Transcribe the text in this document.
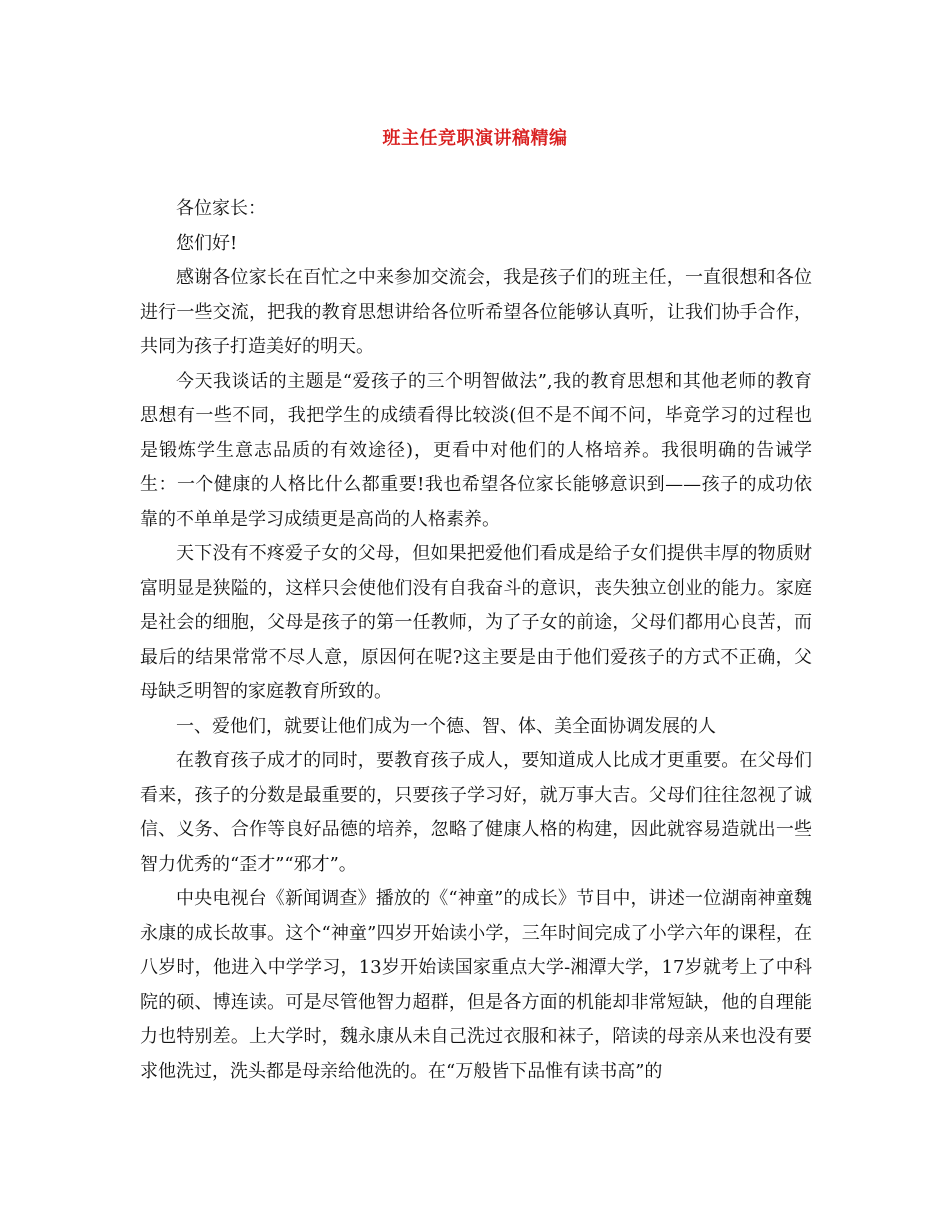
班主任竞职演讲稿精编

各位家长：

您们好!

感谢各位家长在百忙之中来参加交流会，我是孩子们的班主任，一直很想和各位进行一些交流，把我的教育思想讲给各位听希望各位能够认真听，让我们协手合作，共同为孩子打造美好的明天。

今天我谈话的主题是“爱孩子的三个明智做法”,我的教育思想和其他老师的教育思想有一些不同，我把学生的成绩看得比较淡(但不是不闻不问，毕竟学习的过程也是锻炼学生意志品质的有效途径)，更看中对他们的人格培养。我很明确的告诫学生：一个健康的人格比什么都重要!我也希望各位家长能够意识到——孩子的成功依靠的不单单是学习成绩更是高尚的人格素养。

天下没有不疼爱子女的父母，但如果把爱他们看成是给子女们提供丰厚的物质财富明显是狭隘的，这样只会使他们没有自我奋斗的意识，丧失独立创业的能力。家庭是社会的细胞，父母是孩子的第一任教师，为了子女的前途，父母们都用心良苦，而最后的结果常常不尽人意，原因何在呢?这主要是由于他们爱孩子的方式不正确，父母缺乏明智的家庭教育所致的。

一、爱他们，就要让他们成为一个德、智、体、美全面协调发展的人

在教育孩子成才的同时，要教育孩子成人，要知道成人比成才更重要。在父母们看来，孩子的分数是最重要的，只要孩子学习好，就万事大吉。父母们往往忽视了诚信、义务、合作等良好品德的培养，忽略了健康人格的构建，因此就容易造就出一些智力优秀的“歪才”“邪才”。

中央电视台《新闻调查》播放的《“神童”的成长》节目中，讲述一位湖南神童魏永康的成长故事。这个“神童”四岁开始读小学，三年时间完成了小学六年的课程，在八岁时，他进入中学学习，13岁开始读国家重点大学-湘潭大学，17岁就考上了中科院的硕、博连读。可是尽管他智力超群，但是各方面的机能却非常短缺，他的自理能力也特别差。上大学时，魏永康从未自己洗过衣服和袜子，陪读的母亲从来也没有要求他洗过，洗头都是母亲给他洗的。在“万般皆下品惟有读书高”的
